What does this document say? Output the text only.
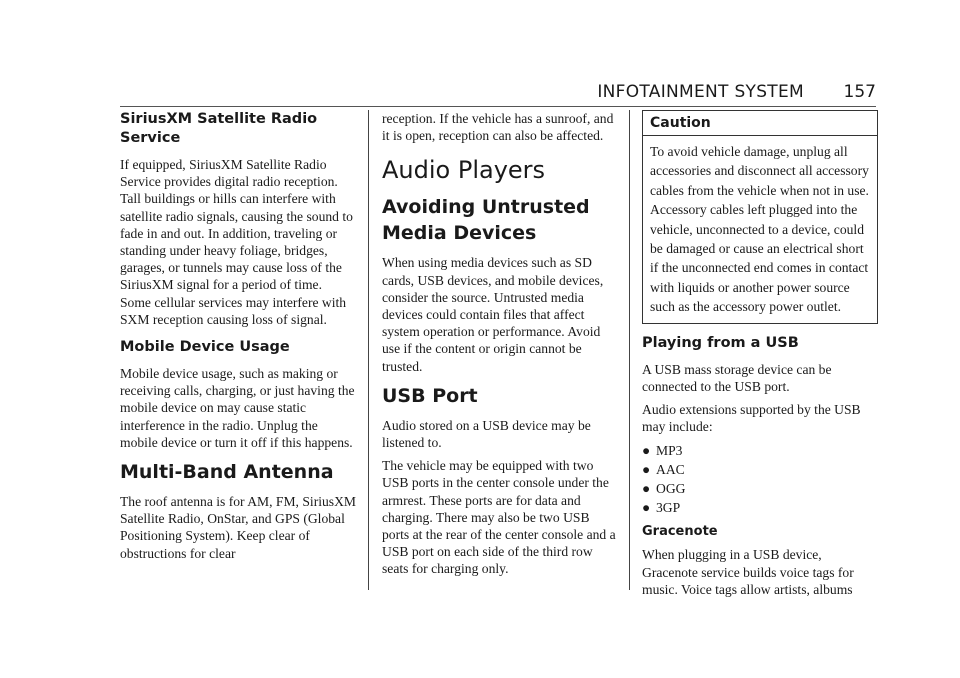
INFOTAINMENT SYSTEM 157
SiriusXM Satellite Radio Service

If equipped, SiriusXM Satellite Radio Service provides digital radio reception. Tall buildings or hills can interfere with satellite radio signals, causing the sound to fade in and out. In addition, traveling or standing under heavy foliage, bridges, garages, or tunnels may cause loss of the SiriusXM signal for a period of time. Some cellular services may interfere with SXM reception causing loss of signal.

Mobile Device Usage

Mobile device usage, such as making or receiving calls, charging, or just having the mobile device on may cause static interference in the radio. Unplug the mobile device or turn it off if this happens.

Multi-Band Antenna

The roof antenna is for AM, FM, SiriusXM Satellite Radio, OnStar, and GPS (Global Positioning System). Keep clear of obstructions for clear

reception. If the vehicle has a sunroof, and it is open, reception can also be affected.

Audio Players
Avoiding Untrusted Media Devices

When using media devices such as SD cards, USB devices, and mobile devices, consider the source. Untrusted media devices could contain files that affect system operation or performance. Avoid use if the content or origin cannot be trusted.

USB Port

Audio stored on a USB device may be listened to.

The vehicle may be equipped with two USB ports in the center console under the armrest. These ports are for data and charging. There may also be two USB ports at the rear of the center console and a USB port on each side of the third row seats for charging only.

Caution
To avoid vehicle damage, unplug all accessories and disconnect all accessory cables from the vehicle when not in use. Accessory cables left plugged into the vehicle, unconnected to a device, could be damaged or cause an electrical short if the unconnected end comes in contact with liquids or another power source such as the accessory power outlet.
Playing from a USB

A USB mass storage device can be connected to the USB port.

Audio extensions supported by the USB may include:

● MP3
● AAC
● OGG
● 3GP
Gracenote

When plugging in a USB device, Gracenote service builds voice tags for music. Voice tags allow artists, albums
